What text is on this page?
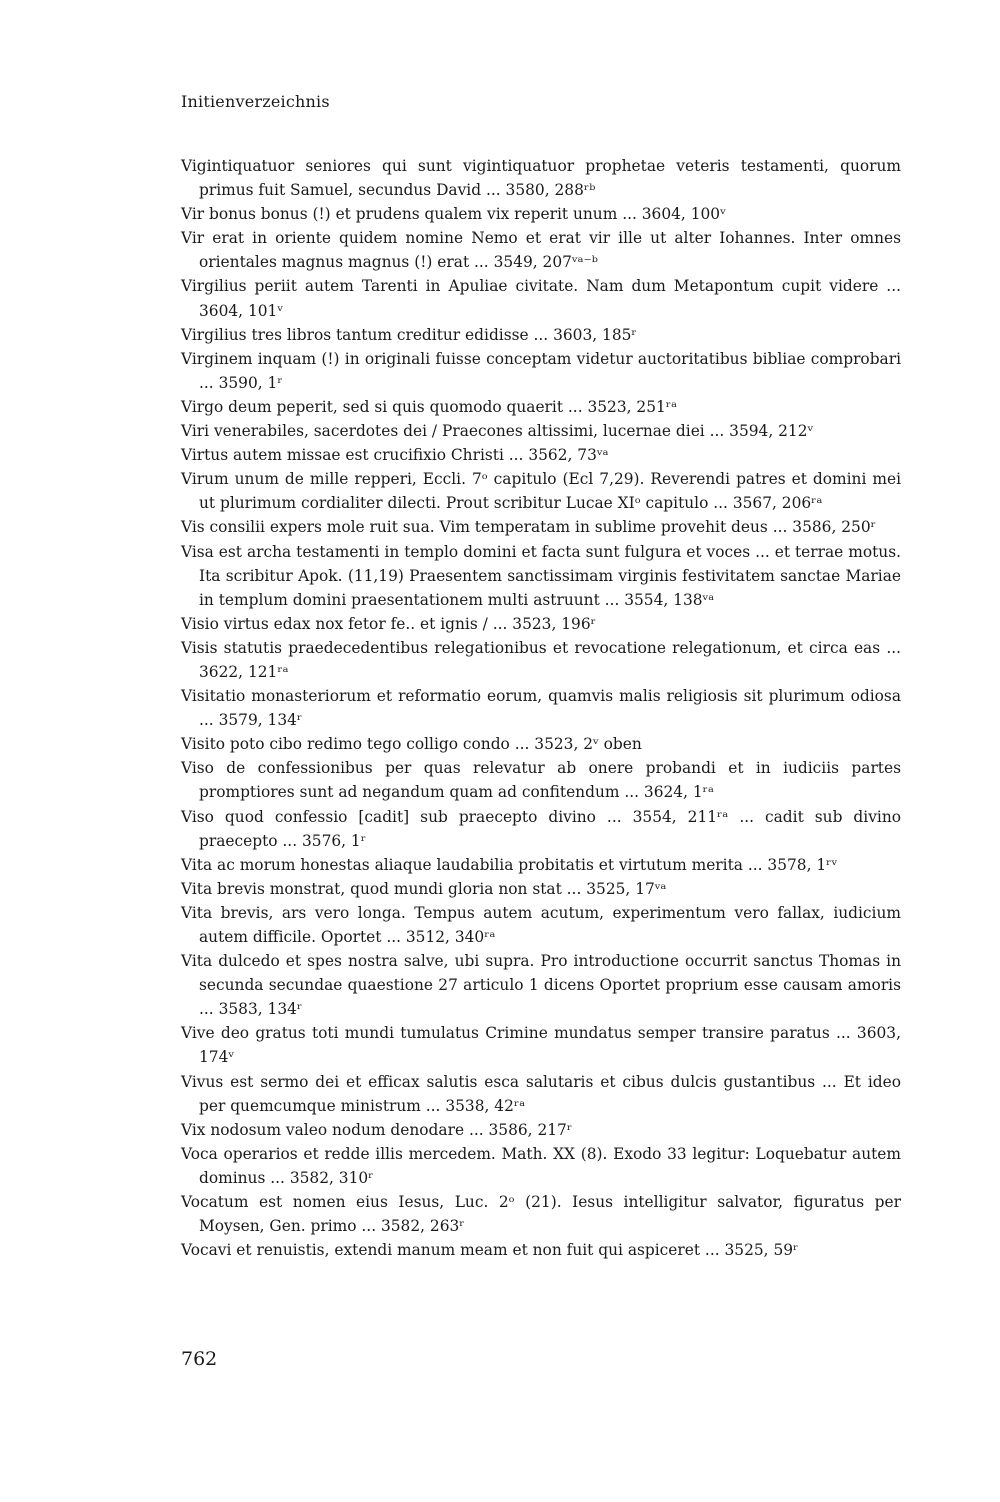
Initienverzeichnis
Vigintiquatuor seniores qui sunt vigintiquatuor prophetae veteris testamenti, quorum primus fuit Samuel, secundus David ... 3580, 288ʳᵇ
Vir bonus bonus (!) et prudens qualem vix reperit unum ... 3604, 100ᵛ
Vir erat in oriente quidem nomine Nemo et erat vir ille ut alter Iohannes. Inter omnes orientales magnus magnus (!) erat ... 3549, 207ᵛᵃ⁻ᵇ
Virgilius periit autem Tarenti in Apuliae civitate. Nam dum Metapontum cupit videre ... 3604, 101ᵛ
Virgilius tres libros tantum creditur edidisse ... 3603, 185ʳ
Virginem inquam (!) in originali fuisse conceptam videtur auctoritatibus bibliae comprobari ... 3590, 1ʳ
Virgo deum peperit, sed si quis quomodo quaerit ... 3523, 251ʳᵃ
Viri venerabiles, sacerdotes dei / Praecones altissimi, lucernae diei ... 3594, 212ᵛ
Virtus autem missae est crucifixio Christi ... 3562, 73ᵛᵃ
Virum unum de mille repperi, Eccli. 7ᵒ capitulo (Ecl 7,29). Reverendi patres et domini mei ut plurimum cordialiter dilecti. Prout scribitur Lucae XIᵒ capitulo ... 3567, 206ʳᵃ
Vis consilii expers mole ruit sua. Vim temperatam in sublime provehit deus ... 3586, 250ʳ
Visa est archa testamenti in templo domini et facta sunt fulgura et voces ... et terrae motus. Ita scribitur Apok. (11,19) Praesentem sanctissimam virginis festivitatem sanctae Mariae in templum domini praesentationem multi astruunt ... 3554, 138ᵛᵃ
Visio virtus edax nox fetor fe.. et ignis / ... 3523, 196ʳ
Visis statutis praedecedentibus relegationibus et revocatione relegationum, et circa eas ... 3622, 121ʳᵃ
Visitatio monasteriorum et reformatio eorum, quamvis malis religiosis sit plurimum odiosa ... 3579, 134ʳ
Visito poto cibo redimo tego colligo condo ... 3523, 2ᵛ oben
Viso de confessionibus per quas relevatur ab onere probandi et in iudiciis partes promptiores sunt ad negandum quam ad confitendum ... 3624, 1ʳᵃ
Viso quod confessio [cadit] sub praecepto divino ... 3554, 211ʳᵃ ... cadit sub divino praecepto ... 3576, 1ʳ
Vita ac morum honestas aliaque laudabilia probitatis et virtutum merita ... 3578, 1ʳᵛ
Vita brevis monstrat, quod mundi gloria non stat ... 3525, 17ᵛᵃ
Vita brevis, ars vero longa. Tempus autem acutum, experimentum vero fallax, iudicium autem difficile. Oportet ... 3512, 340ʳᵃ
Vita dulcedo et spes nostra salve, ubi supra. Pro introductione occurrit sanctus Thomas in secunda secundae quaestione 27 articulo 1 dicens Oportet proprium esse causam amoris ... 3583, 134ʳ
Vive deo gratus toti mundi tumulatus Crimine mundatus semper transire paratus ... 3603, 174ᵛ
Vivus est sermo dei et efficax salutis esca salutaris et cibus dulcis gustantibus ... Et ideo per quemcumque ministrum ... 3538, 42ʳᵃ
Vix nodosum valeo nodum denodare ... 3586, 217ʳ
Voca operarios et redde illis mercedem. Math. XX (8). Exodo 33 legitur: Loquebatur autem dominus ... 3582, 310ʳ
Vocatum est nomen eius Iesus, Luc. 2ᵒ (21). Iesus intelligitur salvator, figuratus per Moysen, Gen. primo ... 3582, 263ʳ
Vocavi et renuistis, extendi manum meam et non fuit qui aspiceret ... 3525, 59ʳ
762
